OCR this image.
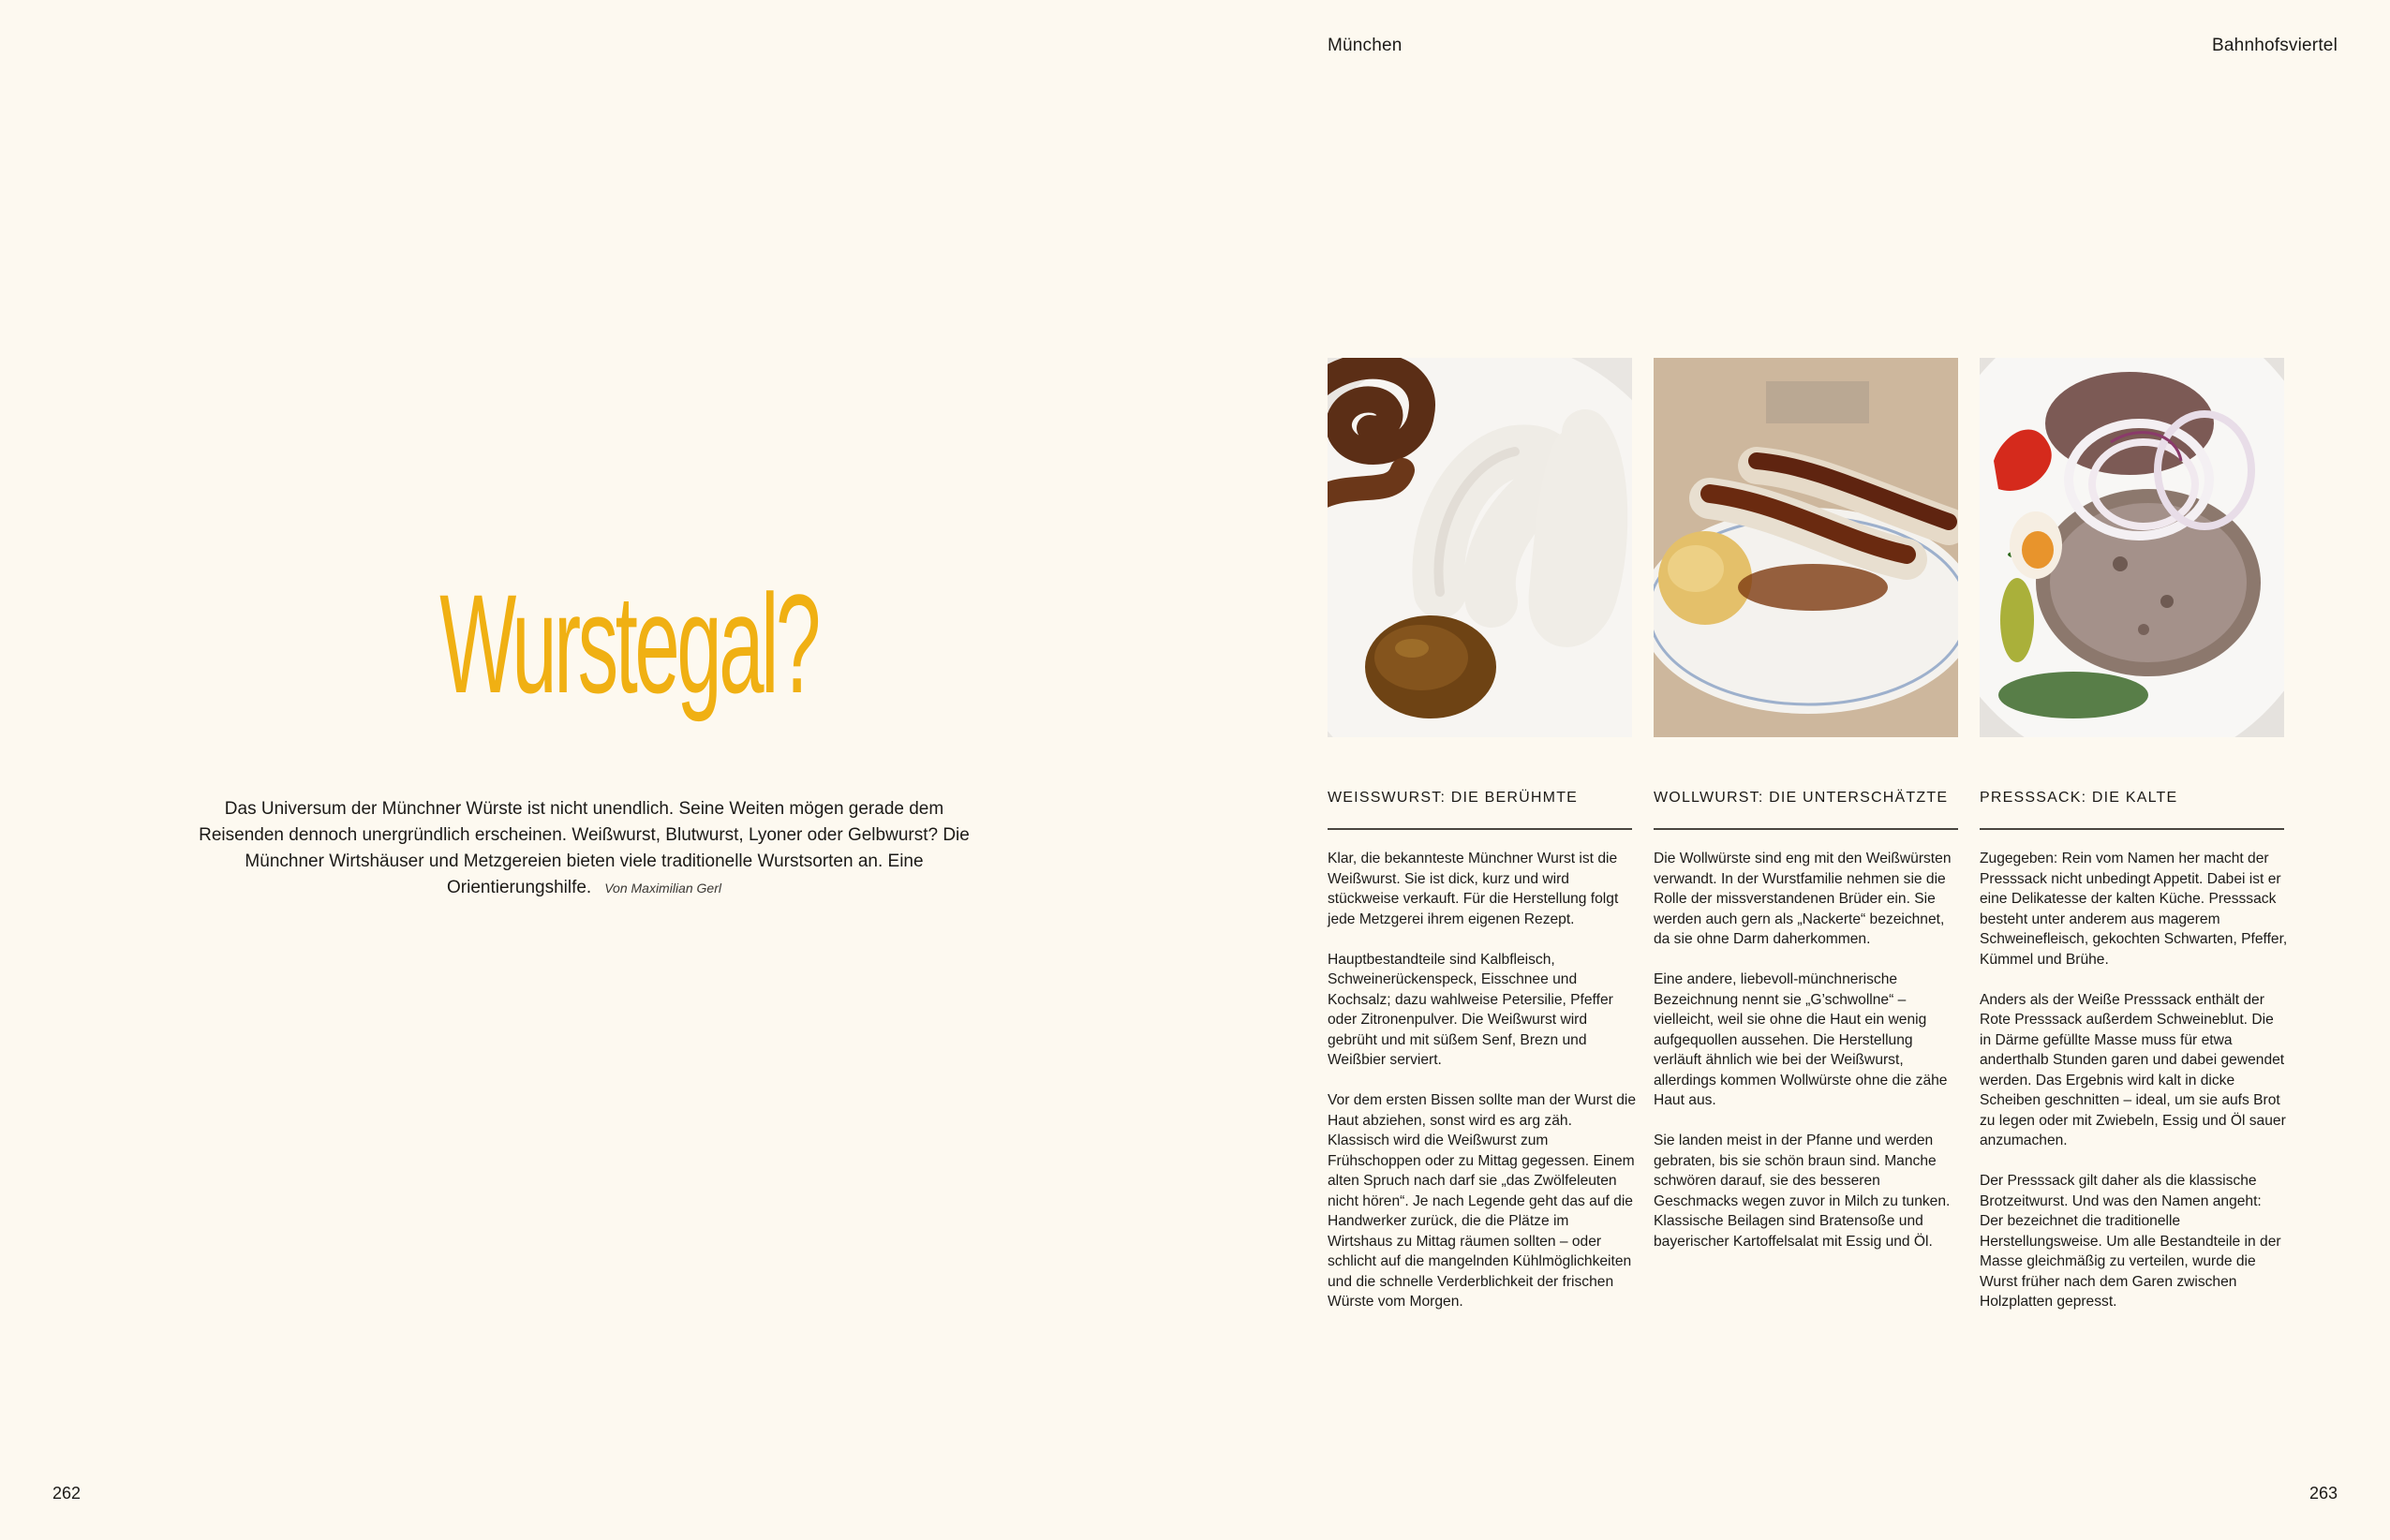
München	Bahnhofsviertel
Wurstegal?
Das Universum der Münchner Würste ist nicht unendlich. Seine Weiten mögen gerade dem Reisenden dennoch unergründlich erscheinen. Weißwurst, Blutwurst, Lyoner oder Gelbwurst? Die Münchner Wirtshäuser und Metzgereien bieten viele traditionelle Wurstsorten an. Eine Orientierungshilfe. Von Maximilian Gerl
WEISSWURST: DIE BERÜHMTE	WOLLWURST: DIE UNTERSCHÄTZTE	PRESSSACK: DIE KALTE

Klar, die bekannteste Münchner Wurst ist die Weißwurst. Sie ist dick, kurz und wird stückweise verkauft. Für die Herstellung folgt jede Metzgerei ihrem eigenen Rezept.

Hauptbestandteile sind Kalbfleisch, Schweinerückenspeck, Eisschnee und Kochsalz; dazu wahlweise Petersilie, Pfeffer oder Zitronenpulver. Die Weißwurst wird gebrüht und mit süßem Senf, Brezn und Weißbier serviert.

Vor dem ersten Bissen sollte man der Wurst die Haut abziehen, sonst wird es arg zäh. Klassisch wird die Weißwurst zum Frühschoppen oder zu Mittag gegessen. Einem alten Spruch nach darf sie „das Zwölfeleuten nicht hören“. Je nach Legende geht das auf die Handwerker zurück, die die Plätze im Wirtshaus zu Mittag räumen sollten – oder schlicht auf die mangelnden Kühlmöglichkeiten und die schnelle Verderblichkeit der frischen Würste vom Morgen.

Die Wollwürste sind eng mit den Weißwürsten verwandt. In der Wurstfamilie nehmen sie die Rolle der missverstandenen Brüder ein. Sie werden auch gern als „Nackerte“ bezeichnet, da sie ohne Darm daherkommen.

Eine andere, liebevoll-münchnerische Bezeichnung nennt sie „G’schwollne“ – vielleicht, weil sie ohne die Haut ein wenig aufgequollen aussehen. Die Herstellung verläuft ähnlich wie bei der Weißwurst, allerdings kommen Wollwürste ohne die zähe Haut aus.

Sie landen meist in der Pfanne und werden gebraten, bis sie schön braun sind. Manche schwören darauf, sie des besseren Geschmacks wegen zuvor in Milch zu tunken. Klassische Beilagen sind Bratensoße und bayerischer Kartoffelsalat mit Essig und Öl.

Zugegeben: Rein vom Namen her macht der Presssack nicht unbedingt Appetit. Dabei ist er eine Delikatesse der kalten Küche. Presssack besteht unter anderem aus magerem Schweinefleisch, gekochten Schwarten, Pfeffer, Kümmel und Brühe.

Anders als der Weiße Presssack enthält der Rote Presssack außerdem Schweineblut. Die in Därme gefüllte Masse muss für etwa anderthalb Stunden garen und dabei gewendet werden. Das Ergebnis wird kalt in dicke Scheiben geschnitten – ideal, um sie aufs Brot zu legen oder mit Zwiebeln, Essig und Öl sauer anzumachen.

Der Presssack gilt daher als die klassische Brotzeitwurst. Und was den Namen angeht: Der bezeichnet die traditionelle Herstellungsweise. Um alle Bestandteile in der Masse gleichmäßig zu verteilen, wurde die Wurst früher nach dem Garen zwischen Holzplatten gepresst.

262	263
